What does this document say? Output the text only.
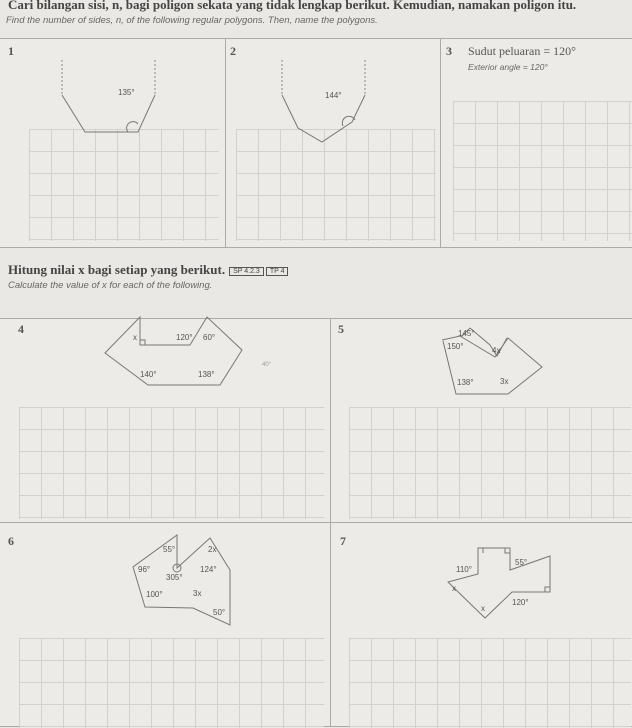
Cari bilangan sisi, n, bagi poligon sekata yang tidak lengkap berikut. Kemudian, namakan poligon itu.
Find the number of sides, n, of the following regular polygons. Then, name the polygons.
1
135°
2
144°
3 Sudut peluaran = 120°
Exterior angle = 120°
Hitung nilai x bagi setiap yang berikut. SP 4.2.3 TP 4
Calculate the value of x for each of the following.
4
x	120° 60°
140°	138°
40°
5	145°
150°	4x
138°	3x
6
55°	2x
96°
305°
124°
100°	3x
50°
7
110°
55°
x
x
120°
